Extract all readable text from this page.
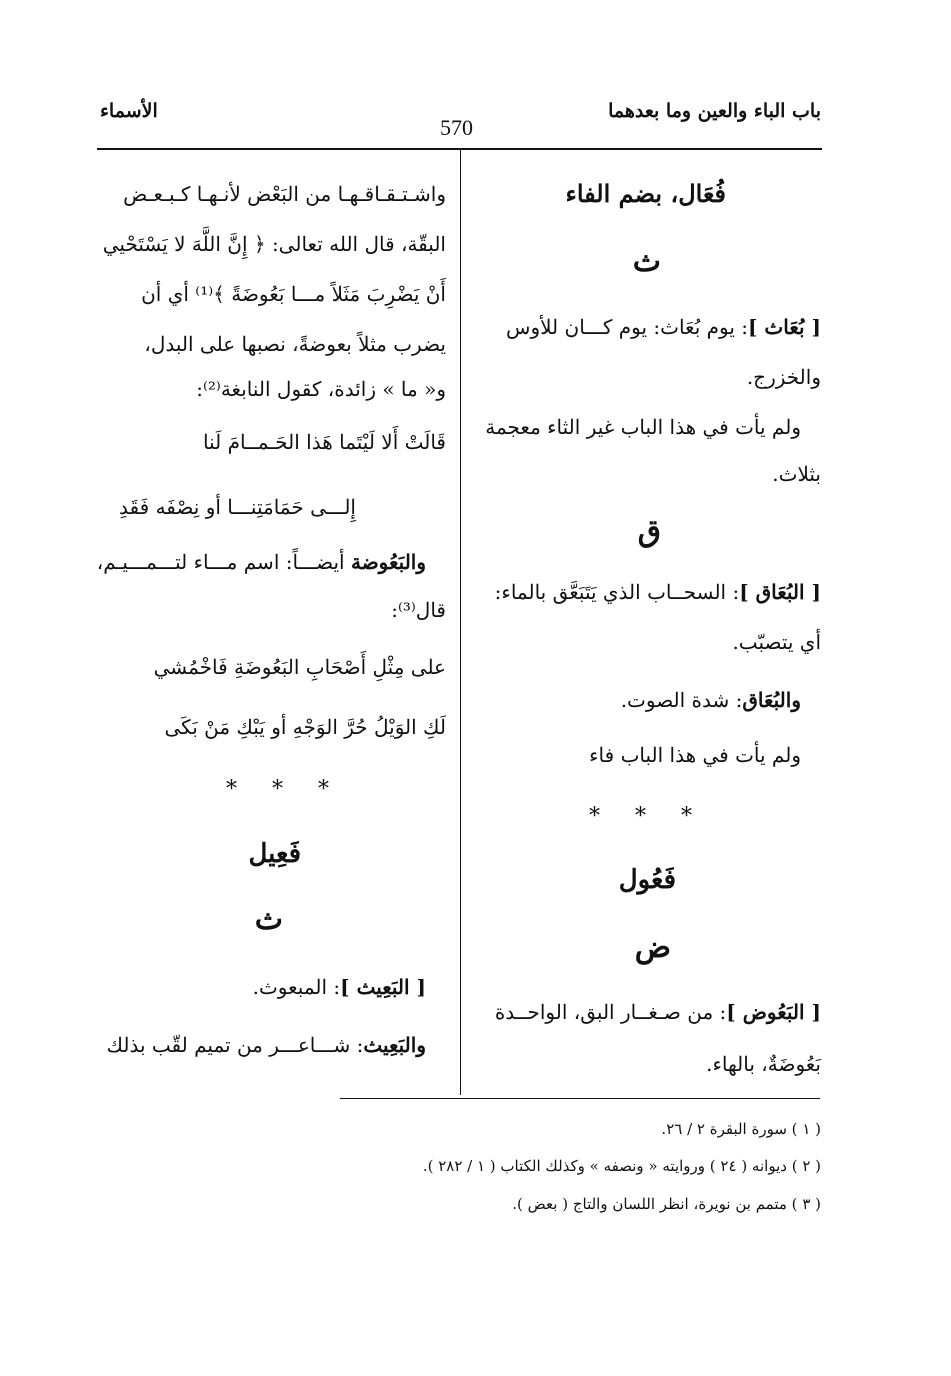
باب الباء والعين وما بعدهما
570
الأسماء
فُعَال، بضم الفاء
ث
[ بُعَاث ]: يوم بُعَاث: يوم كـــان للأوس
والخزرج.
ولم يأت في هذا الباب غير الثاء معجمة
بثلاث.
ق
[ البُعَاق ]: السحــاب الذي يَتَبَعَّق بالماء:
أي يتصبّب.
والبُعَاق: شدة الصوت.
ولم يأت في هذا الباب فاء
* * *
فَعُول
ض
[ البَعُوض ]: من صـغــار البق، الواحــدة
بَعُوضَةٌ، بالهاء.
واشـتـقـاقـهـا من البَعْض لأنـهـا كـبـعـض
البقّة، قال الله تعالى: ﴿ إِنَّ اللَّهَ لا يَسْتَحْيي
أَنْ يَضْرِبَ مَثَلاً مـــا بَعُوضَةً ﴾⁽¹⁾ أي أن
يضرب مثلاً بعوضةً، نصبها على البدل،
و« ما » زائدة، كقول النابغة⁽²⁾:
قَالَتْ أَلا لَيْتَما هَذا الحَـمــامَ لَنا
إِلـــى حَمَامَتِنـــا أو نِصْفَه فَقَدِ
والبَعُوضة أيضـــاً: اسم مـــاء لتـــمـــيـم،
قال⁽³⁾:
على مِثْلِ أَصْحَابِ البَعُوضَةِ فَاخْمُشي
لَكِ الوَيْلُ حُرَّ الوَجْهِ أو يَبْكِ مَنْ بَكَى
* * *
فَعِيل
ث
[ البَعِيث ]: المبعوث.
والبَعِيث: شـــاعـــر من تميم لقّب بذلك
( ١ ) سورة البقرة ٢ / ٢٦.
( ٢ ) ديوانه ( ٢٤ ) وروايته « ونصفه » وكذلك الكتاب ( ١ / ٢٨٢ ).
( ٣ ) متمم بن نويرة، انظر اللسان والتاج ( بعض ).
